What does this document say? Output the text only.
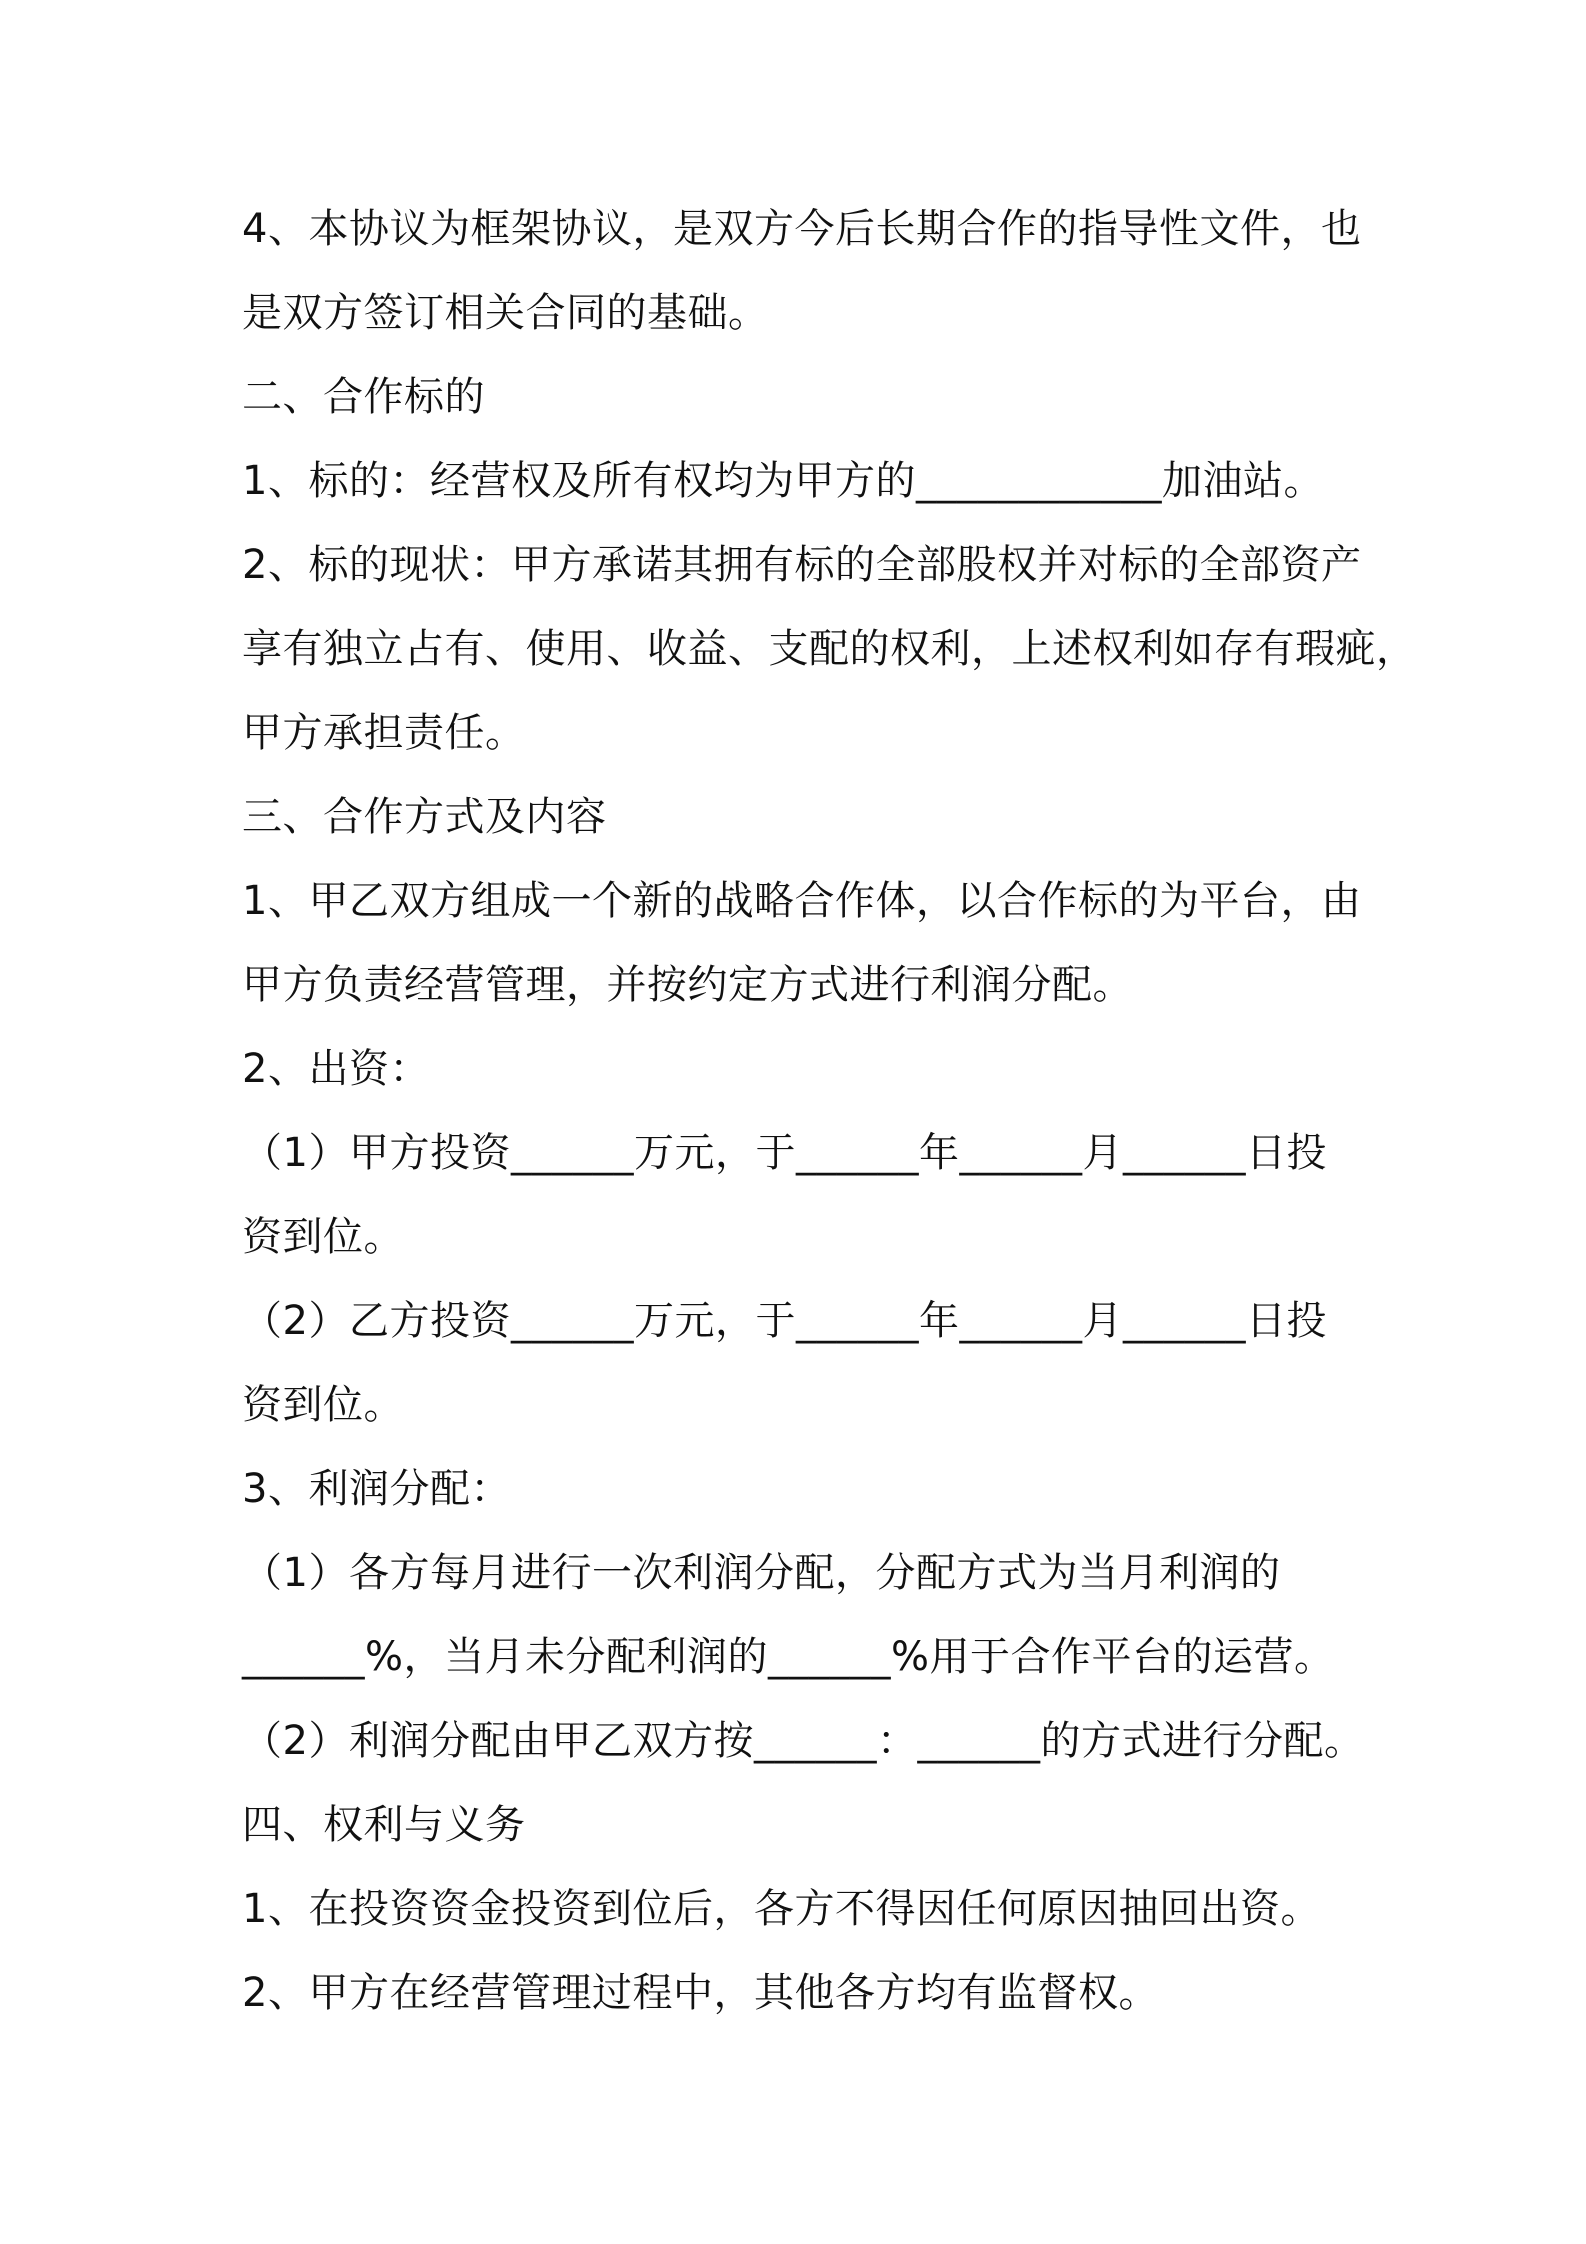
4、本协议为框架协议，是双方今后长期合作的指导性文件，也

是双方签订相关合同的基础。

二、合作标的

1、标的：经营权及所有权均为甲方的____________加油站。

2、标的现状：甲方承诺其拥有标的全部股权并对标的全部资产

享有独立占有、使用、收益、支配的权利，上述权利如存有瑕疵，

甲方承担责任。

三、合作方式及内容

1、甲乙双方组成一个新的战略合作体，以合作标的为平台，由

甲方负责经营管理，并按约定方式进行利润分配。

2、出资：

（1）甲方投资______万元，于______年______月______日投

资到位。

（2）乙方投资______万元，于______年______月______日投

资到位。

3、利润分配：

（1）各方每月进行一次利润分配，分配方式为当月利润的

______%，当月未分配利润的______%用于合作平台的运营。

（2）利润分配由甲乙双方按______：______的方式进行分配。

四、权利与义务

1、在投资资金投资到位后，各方不得因任何原因抽回出资。

2、甲方在经营管理过程中，其他各方均有监督权。
